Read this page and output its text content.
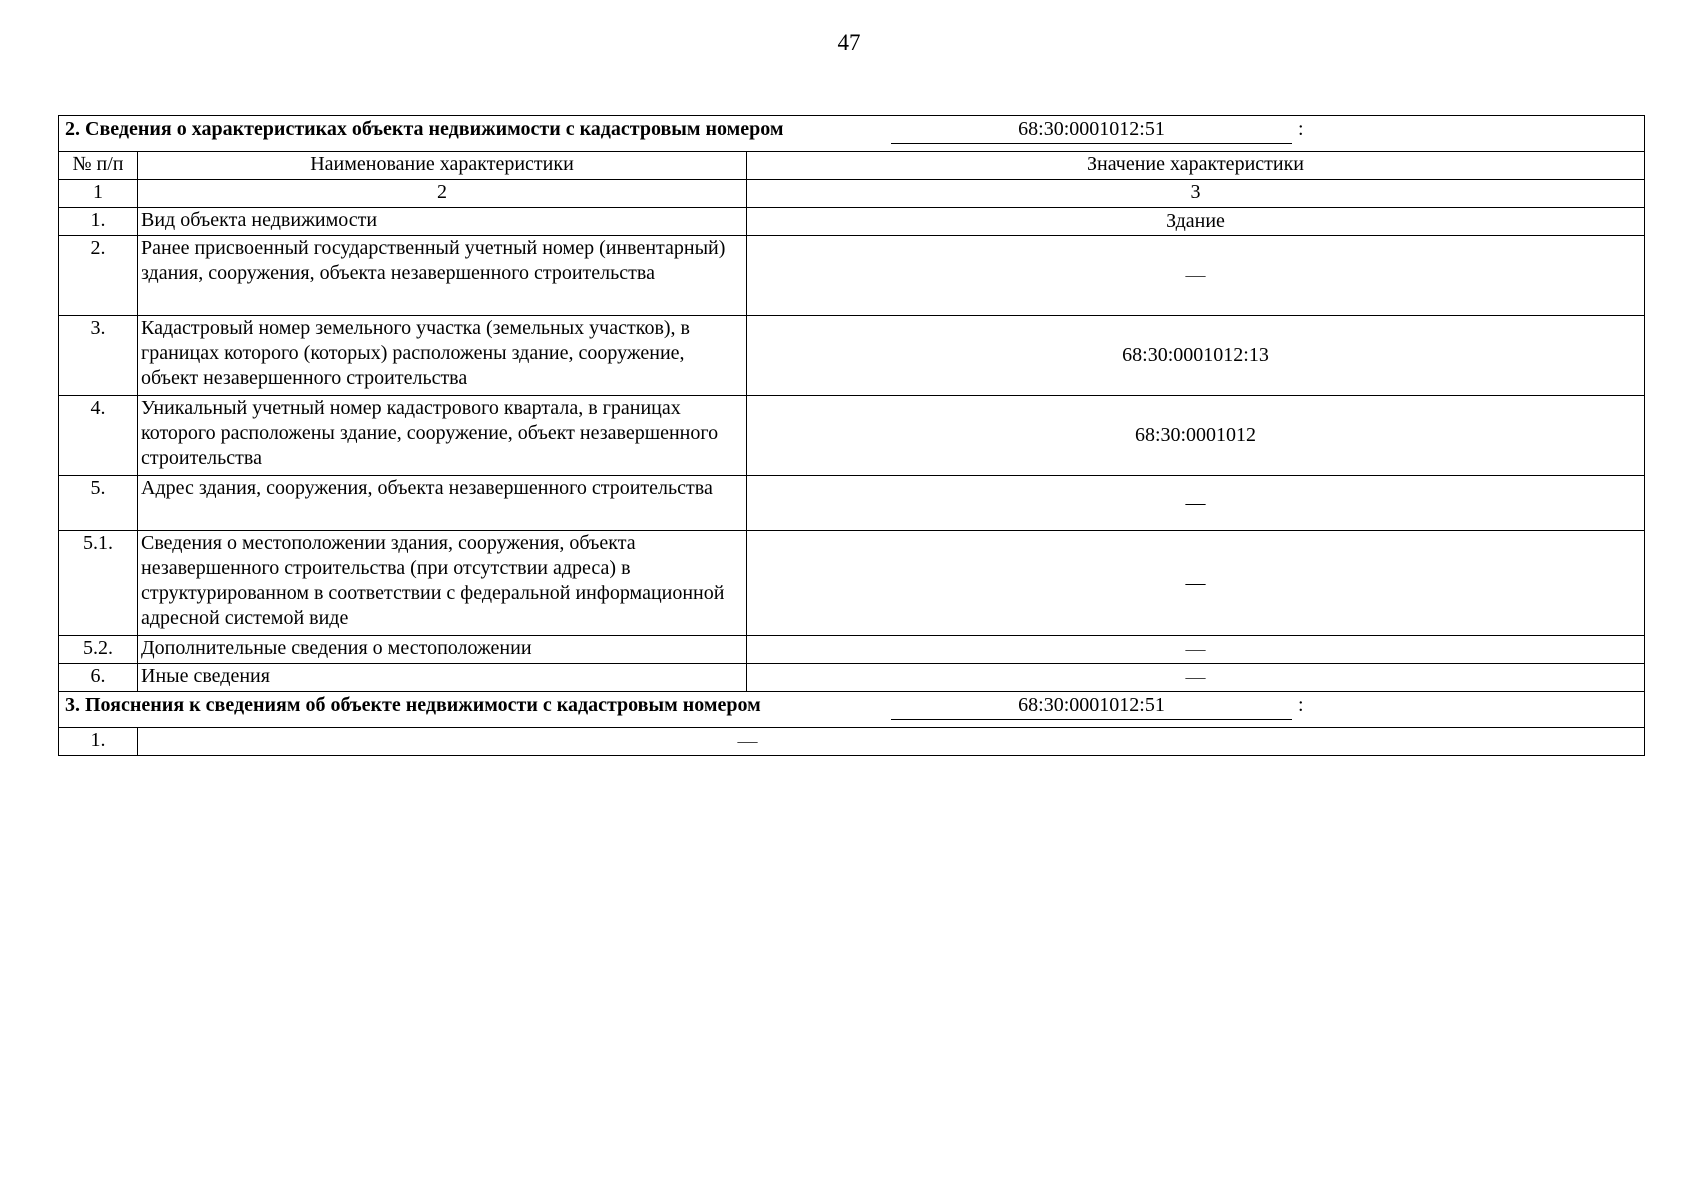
47
2. Сведения о характеристиках объекта недвижимости с кадастровым номером 68:30:0001012:51 :		

№ п/п	Наименование характеристики	Значение характеристики
1	2	3
1.	Вид объекта недвижимости	Здание
2.	Ранее присвоенный государственный учетный номер (инвентарный) здания, сооружения, объекта незавершенного строительства	—
3.	Кадастровый номер земельного участка (земельных участков), в границах которого (которых) расположены здание, сооружение, объект незавершенного строительства	68:30:0001012:13
4.	Уникальный учетный номер кадастрового квартала, в границах которого расположены здание, сооружение, объект незавершенного строительства	68:30:0001012
5.	Адрес здания, сооружения, объекта незавершенного строительства	—
5.1.	Сведения о местоположении здания, сооружения, объекта незавершенного строительства (при отсутствии адреса) в структурированном в соответствии с федеральной информационной адресной системой виде	—
5.2.	Дополнительные сведения о местоположении	—
6.	Иные сведения	—

3. Пояснения к сведениям об объекте недвижимости с кадастровым номером 68:30:0001012:51 :		

1.	—	
